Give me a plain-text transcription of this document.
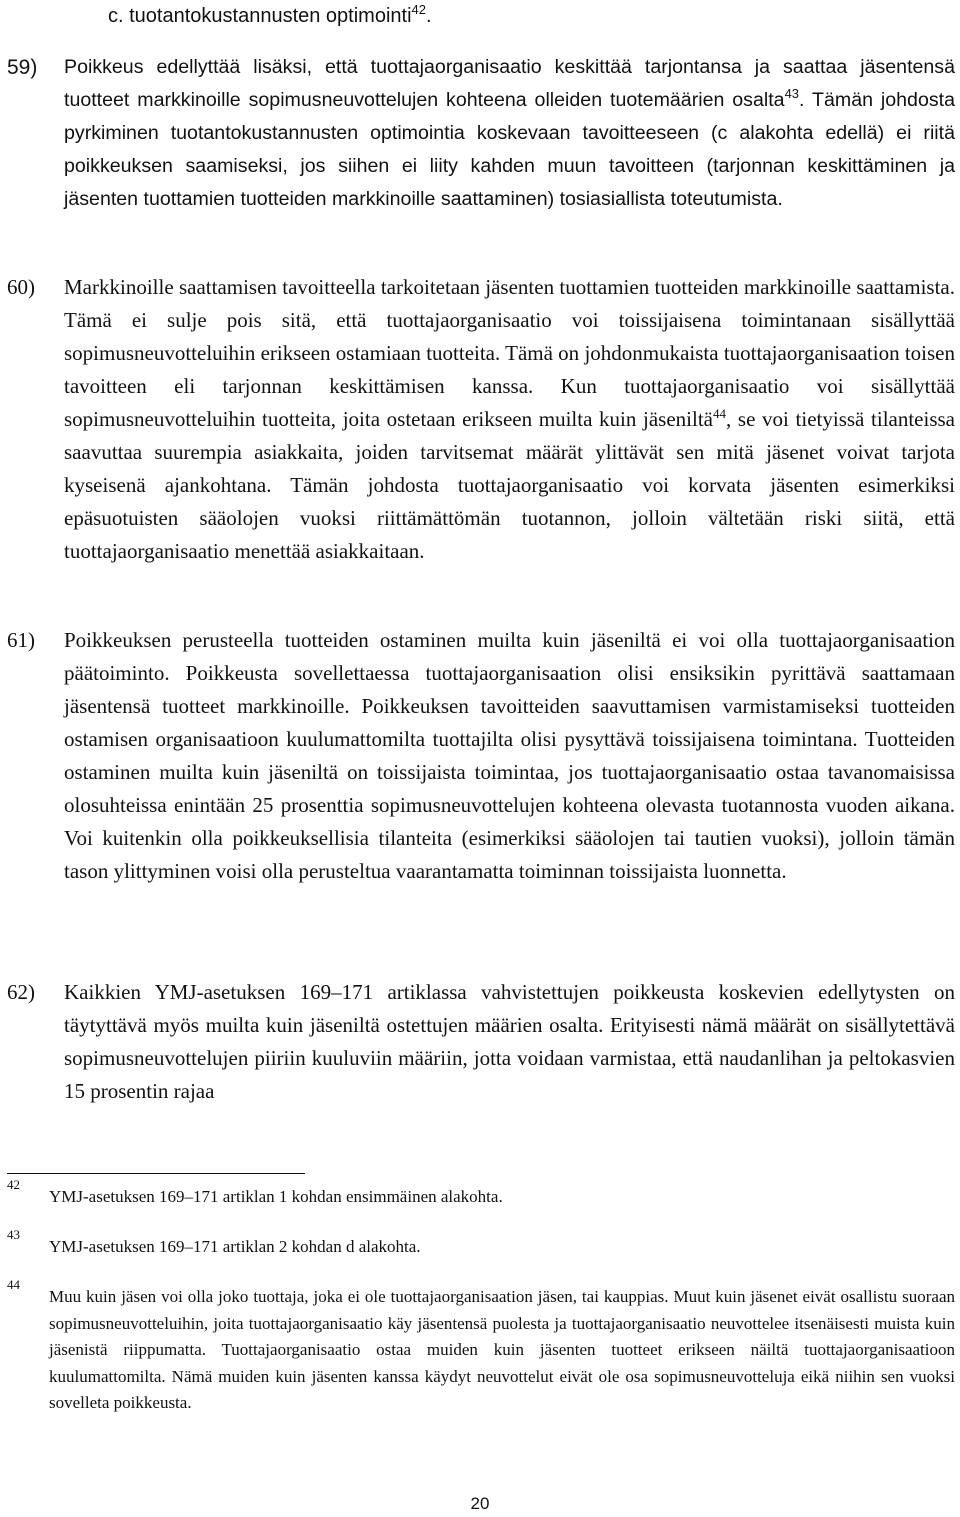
c. tuotantokustannusten optimointi$^{42}$.
59) Poikkeus edellyttää lisäksi, että tuottajaorganisaatio keskittää tarjontansa ja saattaa jäsentensä tuotteet markkinoille sopimusneuvottelujen kohteena olleiden tuotemäärien osalta$^{43}$. Tämän johdosta pyrkiminen tuotantokustannusten optimointia koskevaan tavoitteeseen (c alakohta edellä) ei riitä poikkeuksen saamiseksi, jos siihen ei liity kahden muun tavoitteen (tarjonnan keskittäminen ja jäsenten tuottamien tuotteiden markkinoille saattaminen) tosiasiallista toteutumista.
60) Markkinoille saattamisen tavoitteella tarkoitetaan jäsenten tuottamien tuotteiden markkinoille saattamista. Tämä ei sulje pois sitä, että tuottajaorganisaatio voi toissijaisena toimintanaan sisällyttää sopimusneuvotteluihin erikseen ostamiaan tuotteita. Tämä on johdonmukaista tuottajaorganisaation toisen tavoitteen eli tarjonnan keskittämisen kanssa. Kun tuottajaorganisaatio voi sisällyttää sopimusneuvotteluihin tuotteita, joita ostetaan erikseen muilta kuin jäseniltä$^{44}$, se voi tietyissä tilanteissa saavuttaa suurempia asiakkaita, joiden tarvitsemat määrät ylittävät sen mitä jäsenet voivat tarjota kyseisenä ajankohtana. Tämän johdosta tuottajaorganisaatio voi korvata jäsenten esimerkiksi epäsuotuisten sääolojen vuoksi riittämättömän tuotannon, jolloin vältetään riski siitä, että tuottajaorganisaatio menettää asiakkaitaan.
61) Poikkeuksen perusteella tuotteiden ostaminen muilta kuin jäseniltä ei voi olla tuottajaorganisaation päätoiminto. Poikkeusta sovellettaessa tuottajaorganisaation olisi ensiksikin pyrittävä saattamaan jäsentensä tuotteet markkinoille. Poikkeuksen tavoitteiden saavuttamisen varmistamiseksi tuotteiden ostamisen organisaatioon kuulumattomilta tuottajilta olisi pysyttävä toissijaisena toimintana. Tuotteiden ostaminen muilta kuin jäseniltä on toissijaista toimintaa, jos tuottajaorganisaatio ostaa tavanomaisissa olosuhteissa enintään 25 prosenttia sopimusneuvottelujen kohteena olevasta tuotannosta vuoden aikana. Voi kuitenkin olla poikkeuksellisia tilanteita (esimerkiksi sääolojen tai tautien vuoksi), jolloin tämän tason ylittyminen voisi olla perusteltua vaarantamatta toiminnan toissijaista luonnetta.
62) Kaikkien YMJ-asetuksen 169–171 artiklassa vahvistettujen poikkeusta koskevien edellytysten on täytyttävä myös muilta kuin jäseniltä ostettujen määrien osalta. Erityisesti nämä määrät on sisällytettävä sopimusneuvottelujen piiriin kuuluviin määriin, jotta voidaan varmistaa, että naudanlihan ja peltokasvien 15 prosentin rajaa
42
YMJ-asetuksen 169–171 artiklan 1 kohdan ensimmäinen alakohta.
43
YMJ-asetuksen 169–171 artiklan 2 kohdan d alakohta.
44
Muu kuin jäsen voi olla joko tuottaja, joka ei ole tuottajaorganisaation jäsen, tai kauppias. Muut kuin jäsenet eivät osallistu suoraan sopimusneuvotteluihin, joita tuottajaorganisaatio käy jäsentensä puolesta ja tuottajaorganisaatio neuvottelee itsenäisesti muista kuin jäsenistä riippumatta. Tuottajaorganisaatio ostaa muiden kuin jäsenten tuotteet erikseen näiltä tuottajaorganisaatioon kuulumattomilta. Nämä muiden kuin jäsenten kanssa käydyt neuvottelut eivät ole osa sopimusneuvotteluja eikä niihin sen vuoksi sovelleta poikkeusta.
20
